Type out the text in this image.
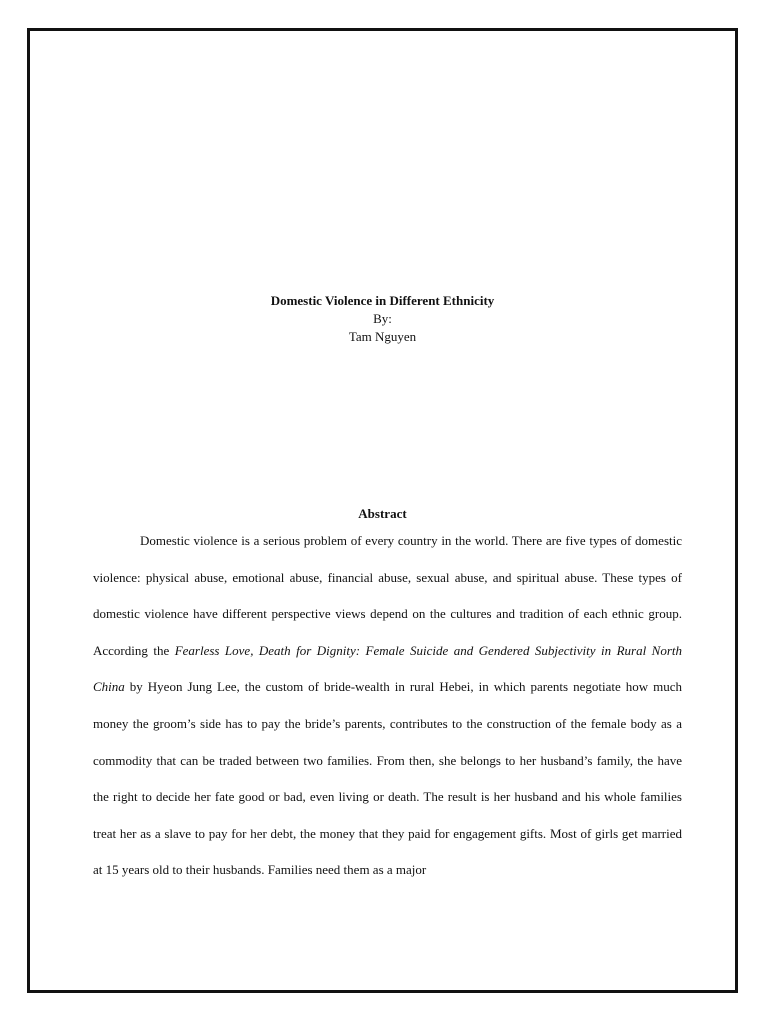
Domestic Violence in Different Ethnicity
By:
Tam Nguyen
Abstract

Domestic violence is a serious problem of every country in the world. There are five types of domestic violence: physical abuse, emotional abuse, financial abuse, sexual abuse, and spiritual abuse. These types of domestic violence have different perspective views depend on the cultures and tradition of each ethnic group. According the Fearless Love, Death for Dignity: Female Suicide and Gendered Subjectivity in Rural North China by Hyeon Jung Lee, the custom of bride-wealth in rural Hebei, in which parents negotiate how much money the groom’s side has to pay the bride’s parents, contributes to the construction of the female body as a commodity that can be traded between two families. From then, she belongs to her husband’s family, the have the right to decide her fate good or bad, even living or death. The result is her husband and his whole families treat her as a slave to pay for her debt, the money that they paid for engagement gifts. Most of girls get married at 15 years old to their husbands. Families need them as a major
